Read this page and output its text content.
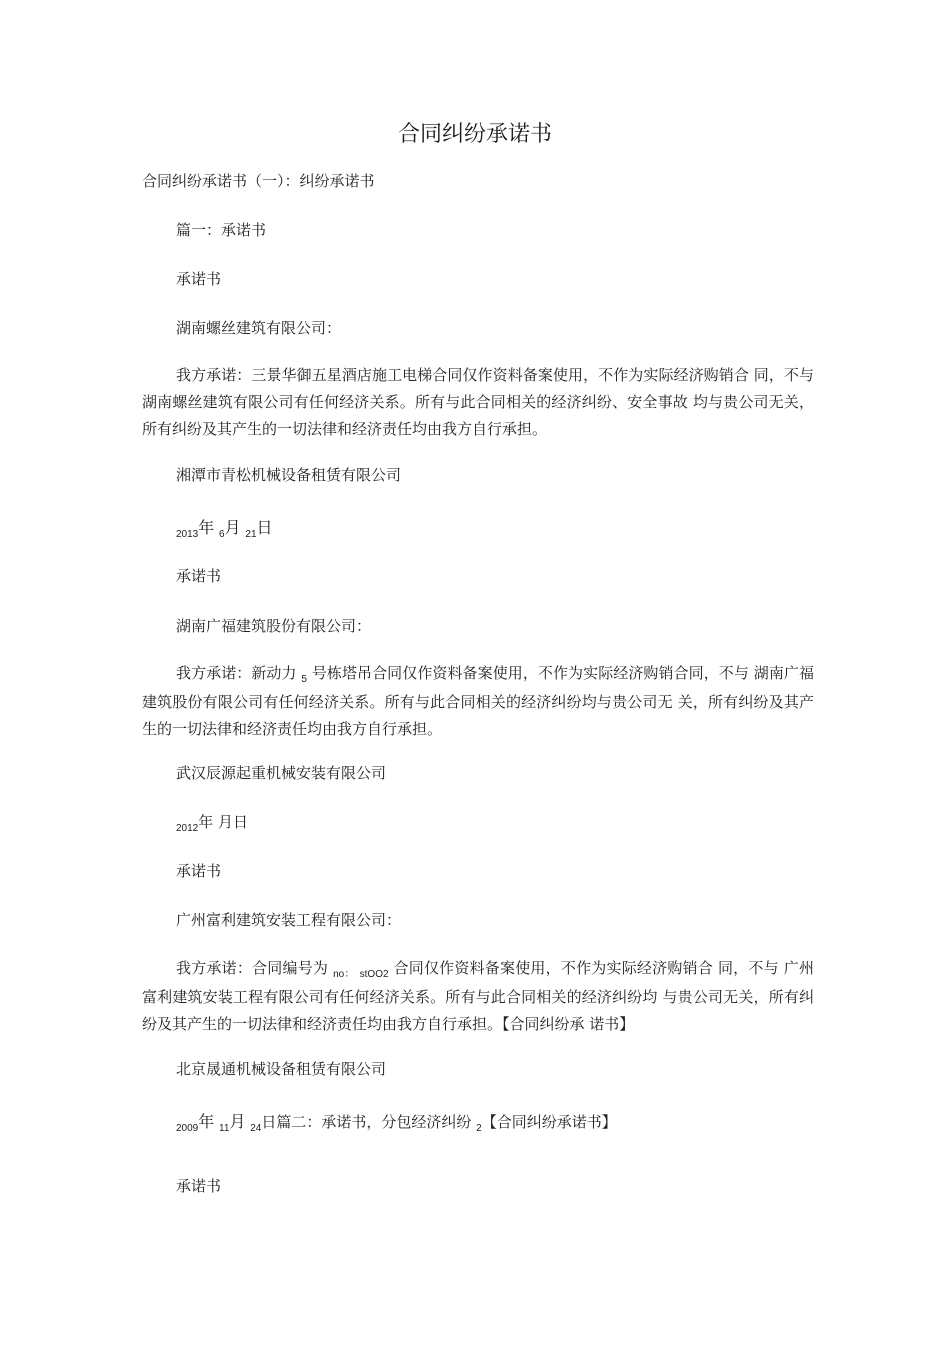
合同纠纷承诺书
合同纠纷承诺书（一）：纠纷承诺书
篇一：承诺书
承诺书
湖南螺丝建筑有限公司：
我方承诺：三景华御五星酒店施工电梯合同仅作资料备案使用，不作为实际经济购销合 同，不与湖南螺丝建筑有限公司有任何经济关系。所有与此合同相关的经济纠纷、安全事故 均与贵公司无关，所有纠纷及其产生的一切法律和经济责任均由我方自行承担。
湘潭市青松机械设备租赁有限公司
$_{2013}$年 $_6$月 $_{21}$日
承诺书
湖南广福建筑股份有限公司：
我方承诺：新动力 $_5$ 号栋塔吊合同仅作资料备案使用，不作为实际经济购销合同，不与 湖南广福建筑股份有限公司有任何经济关系。所有与此合同相关的经济纠纷均与贵公司无 关，所有纠纷及其产生的一切法律和经济责任均由我方自行承担。
武汉辰源起重机械安装有限公司
$_{2012}$年 月日
承诺书
广州富利建筑安装工程有限公司：
我方承诺：合同编号为 $_{no:}$ $_{stOO2}$ 合同仅作资料备案使用，不作为实际经济购销合 同，不与 广州富利建筑安装工程有限公司有任何经济关系。所有与此合同相关的经济纠纷均 与贵公司无关，所有纠纷及其产生的一切法律和经济责任均由我方自行承担。【合同纠纷承 诺书】
北京晟通机械设备租赁有限公司
$_{2009}$年 $_{11}$月 $_{24}$日篇二：承诺书，分包经济纠纷 $_2$【合同纠纷承诺书】
承诺书
